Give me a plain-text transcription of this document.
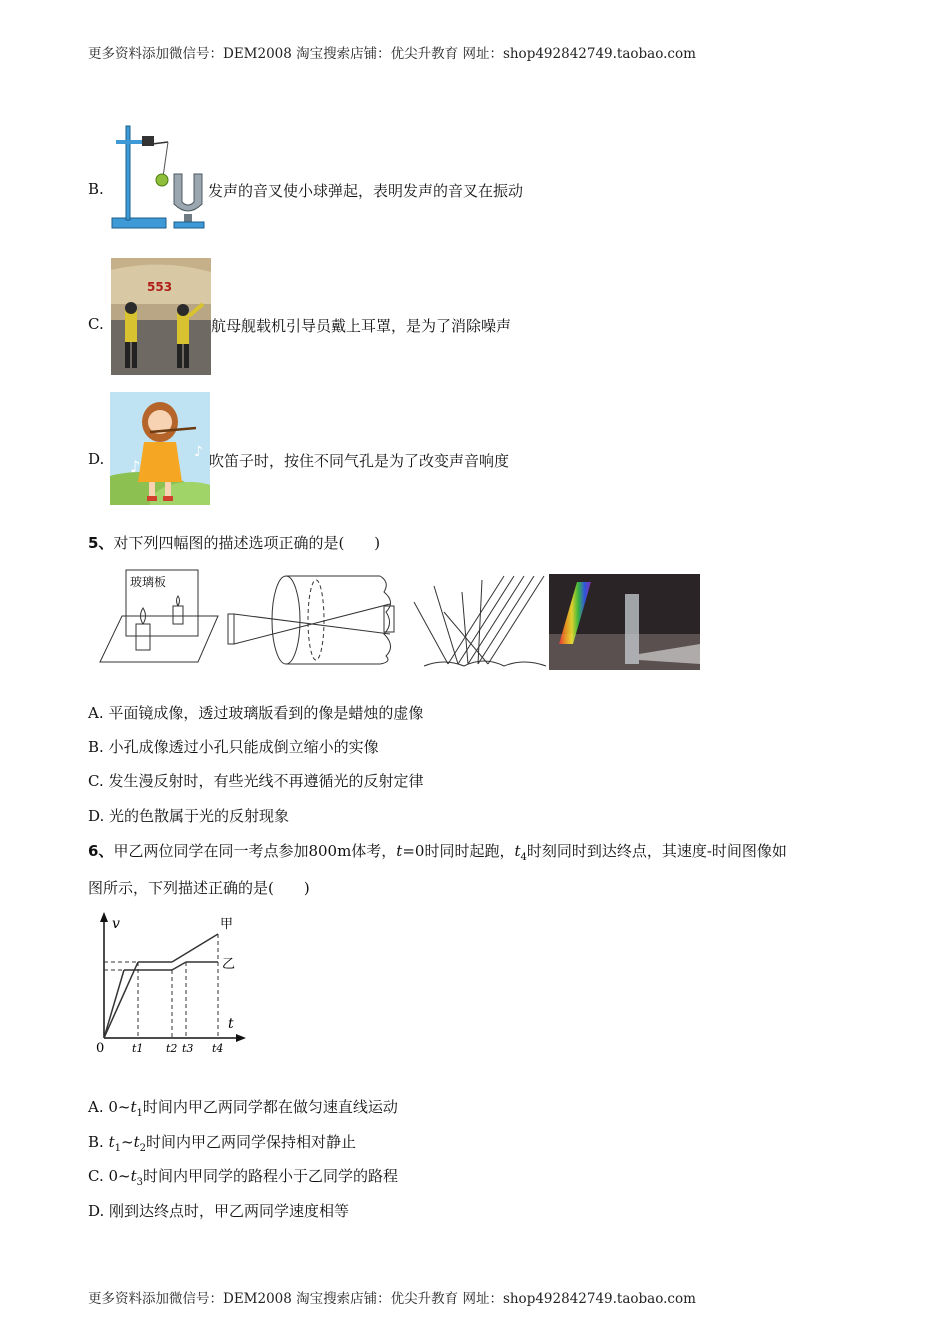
更多资料添加微信号：DEM2008 淘宝搜索店铺：优尖升教育 网址：shop492842749.taobao.com
B.	发声的音叉使小球弹起，表明发声的音叉在振动
C.
553
航母舰载机引导员戴上耳罩，是为了消除噪声
D. ♪
♪ 吹笛子时，按住不同气孔是为了改变声音响度
5、对下列四幅图的描述选项正确的是(　　)
玻璃板
A. 平面镜成像，透过玻璃版看到的像是蜡烛的虚像
B. 小孔成像透过小孔只能成倒立缩小的实像
C. 发生漫反射时，有些光线不再遵循光的反射定律
D. 光的色散属于光的反射现象
6、甲乙两位同学在同一考点参加800m体考，t=0时同时起跑，$t_4$时刻同时到达终点，其速度-时间图像如
图所示，下列描述正确的是(　　)
v
t
0
甲
乙
t1 t2 t3 t4
A. $0\sim t_1$时间内甲乙两同学都在做匀速直线运动
B. $t_1\sim t_2$时间内甲乙两同学保持相对静止
C. $0\sim t_3$时间内甲同学的路程小于乙同学的路程
D. 刚到达终点时，甲乙两同学速度相等
更多资料添加微信号：DEM2008 淘宝搜索店铺：优尖升教育 网址：shop492842749.taobao.com
